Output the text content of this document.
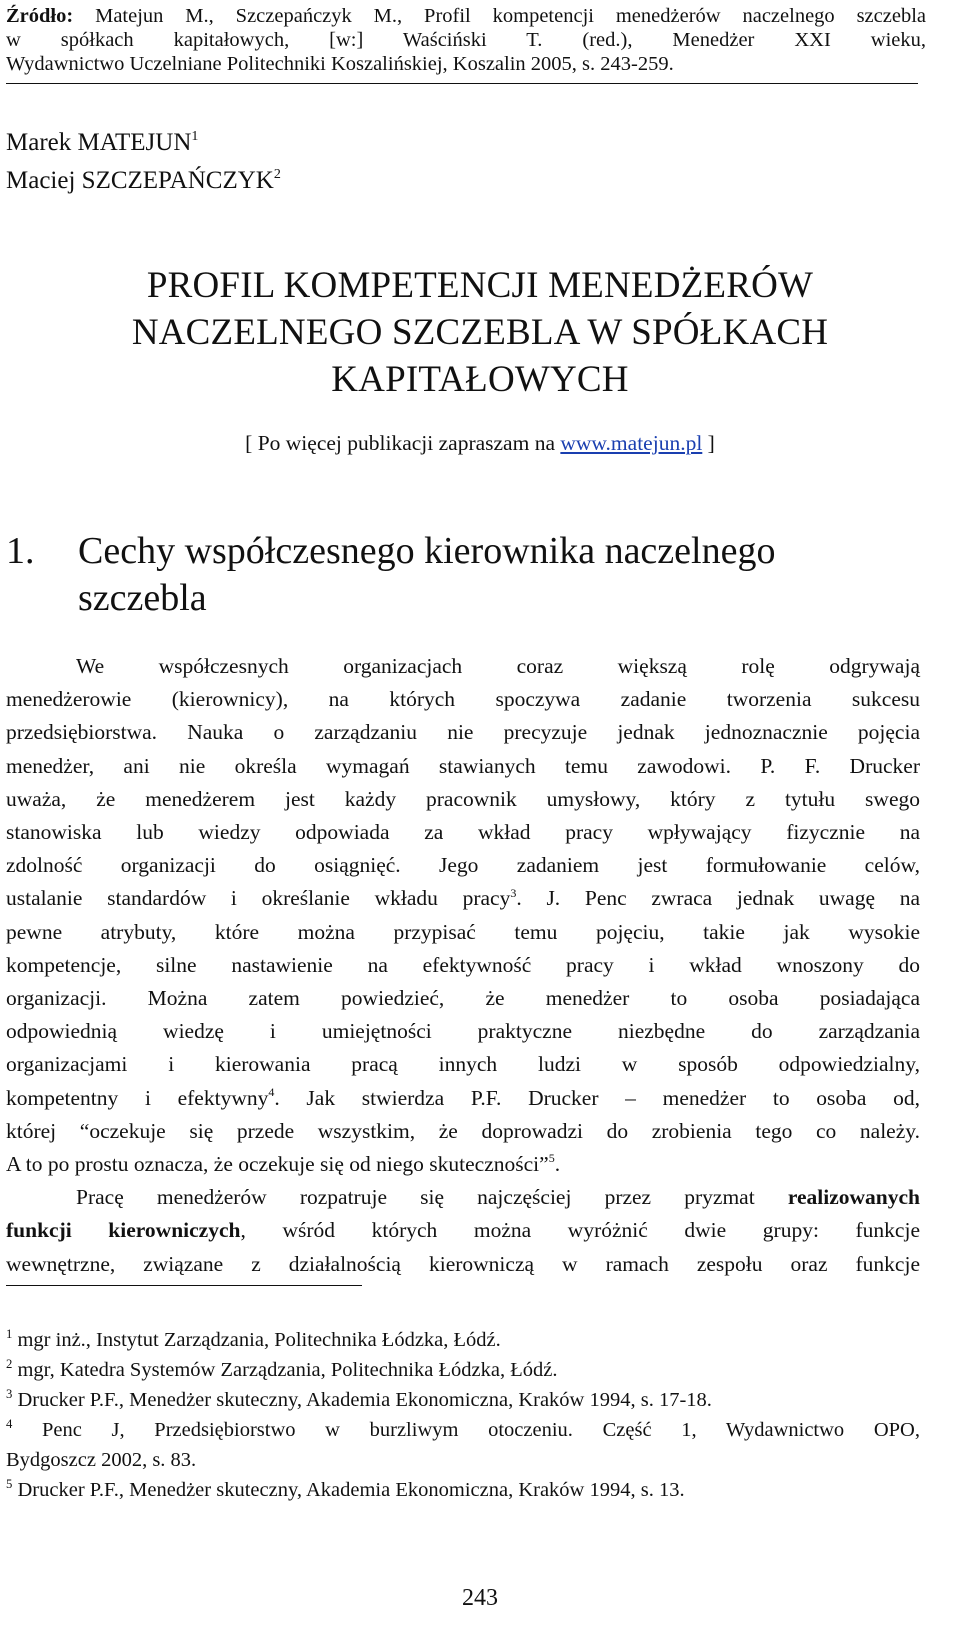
Źródło: Matejun M., Szczepańczyk M., Profil kompetencji menedżerów naczelnego szczebla
w spółkach kapitałowych, [w:] Waściński T. (red.), Menedżer XXI wieku,
Wydawnictwo Uczelniane Politechniki Koszalińskiej, Koszalin 2005, s. 243-259.
Marek MATEJUN$^1$
Maciej SZCZEPAŃCZYK$^2$
PROFIL KOMPETENCJI MENEDŻERÓW
NACZELNEGO SZCZEBLA W SPÓŁKACH
KAPITAŁOWYCH
[ Po więcej publikacji zapraszam na www.matejun.pl ]
1. Cechy współczesnego kierownika naczelnego
szczebla
We współczesnych organizacjach coraz większą rolę odgrywają
menedżerowie (kierownicy), na których spoczywa zadanie tworzenia sukcesu
przedsiębiorstwa. Nauka o zarządzaniu nie precyzuje jednak jednoznacznie pojęcia
menedżer, ani nie określa wymagań stawianych temu zawodowi. P. F. Drucker
uważa, że menedżerem jest każdy pracownik umysłowy, który z tytułu swego
stanowiska lub wiedzy odpowiada za wkład pracy wpływający fizycznie na
zdolność organizacji do osiągnięć. Jego zadaniem jest formułowanie celów,
ustalanie standardów i określanie wkładu pracy$^3$. J. Penc zwraca jednak uwagę na
pewne atrybuty, które można przypisać temu pojęciu, takie jak wysokie
kompetencje, silne nastawienie na efektywność pracy i wkład wnoszony do
organizacji. Można zatem powiedzieć, że menedżer to osoba posiadająca
odpowiednią wiedzę i umiejętności praktyczne niezbędne do zarządzania
organizacjami i kierowania pracą innych ludzi w sposób odpowiedzialny,
kompetentny i efektywny$^4$. Jak stwierdza P.F. Drucker – menedżer to osoba od,
której “oczekuje się przede wszystkim, że doprowadzi do zrobienia tego co należy.
A to po prostu oznacza, że oczekuje się od niego skuteczności”$^5$.
Pracę menedżerów rozpatruje się najczęściej przez pryzmat realizowanych
funkcji kierowniczych, wśród których można wyróżnić dwie grupy: funkcje
wewnętrzne, związane z działalnością kierowniczą w ramach zespołu oraz funkcje
$^1$ mgr inż., Instytut Zarządzania, Politechnika Łódzka, Łódź.
$^2$ mgr, Katedra Systemów Zarządzania, Politechnika Łódzka, Łódź.
$^3$ Drucker P.F., Menedżer skuteczny, Akademia Ekonomiczna, Kraków 1994, s. 17-18.
$^4$ Penc J, Przedsiębiorstwo w burzliwym otoczeniu. Część 1, Wydawnictwo OPO,
Bydgoszcz 2002, s. 83.
$^5$ Drucker P.F., Menedżer skuteczny, Akademia Ekonomiczna, Kraków 1994, s. 13.
243
